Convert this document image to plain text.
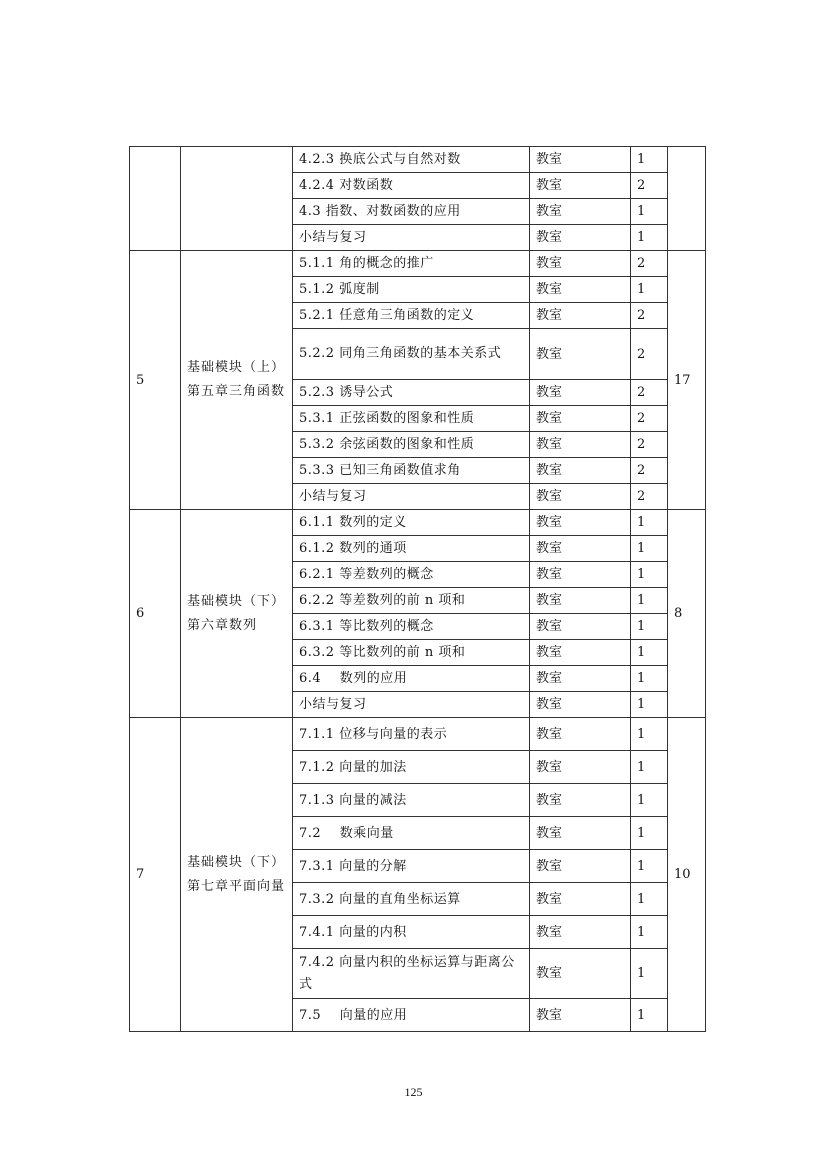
		4.2.3 换底公式与自然对数	教室	1	
		4.2.4 对数函数	教室	2	
		4.3 指数、对数函数的应用	教室	1	
		小结与复习	教室	1	
5	基础模块（上）第五章三角函数	5.1.1 角的概念的推广	教室	2	17
		5.1.2 弧度制	教室	1	
		5.2.1 任意角三角函数的定义	教室	2	
		5.2.2 同角三角函数的基本关系式	教室	2	
		5.2.3 诱导公式	教室	2	
		5.3.1 正弦函数的图象和性质	教室	2	
		5.3.2 余弦函数的图象和性质	教室	2	
		5.3.3 已知三角函数值求角	教室	2	
		小结与复习	教室	2	
6	基础模块（下）第六章数列	6.1.1 数列的定义	教室	1	8
		6.1.2 数列的通项	教室	1	
		6.2.1 等差数列的概念	教室	1	
		6.2.2 等差数列的前 n 项和	教室	1	
		6.3.1 等比数列的概念	教室	1	
		6.3.2 等比数列的前 n 项和	教室	1	
		6.4    数列的应用	教室	1	
		小结与复习	教室	1	
7	基础模块（下）第七章平面向量	7.1.1 位移与向量的表示	教室	1	10
		7.1.2 向量的加法	教室	1	
		7.1.3 向量的减法	教室	1	
		7.2    数乘向量	教室	1	
		7.3.1 向量的分解	教室	1	
		7.3.2 向量的直角坐标运算	教室	1	
		7.4.1 向量的内积	教室	1	
		7.4.2 向量内积的坐标运算与距离公式	教室	1	
		7.5    向量的应用	教室	1	
125
